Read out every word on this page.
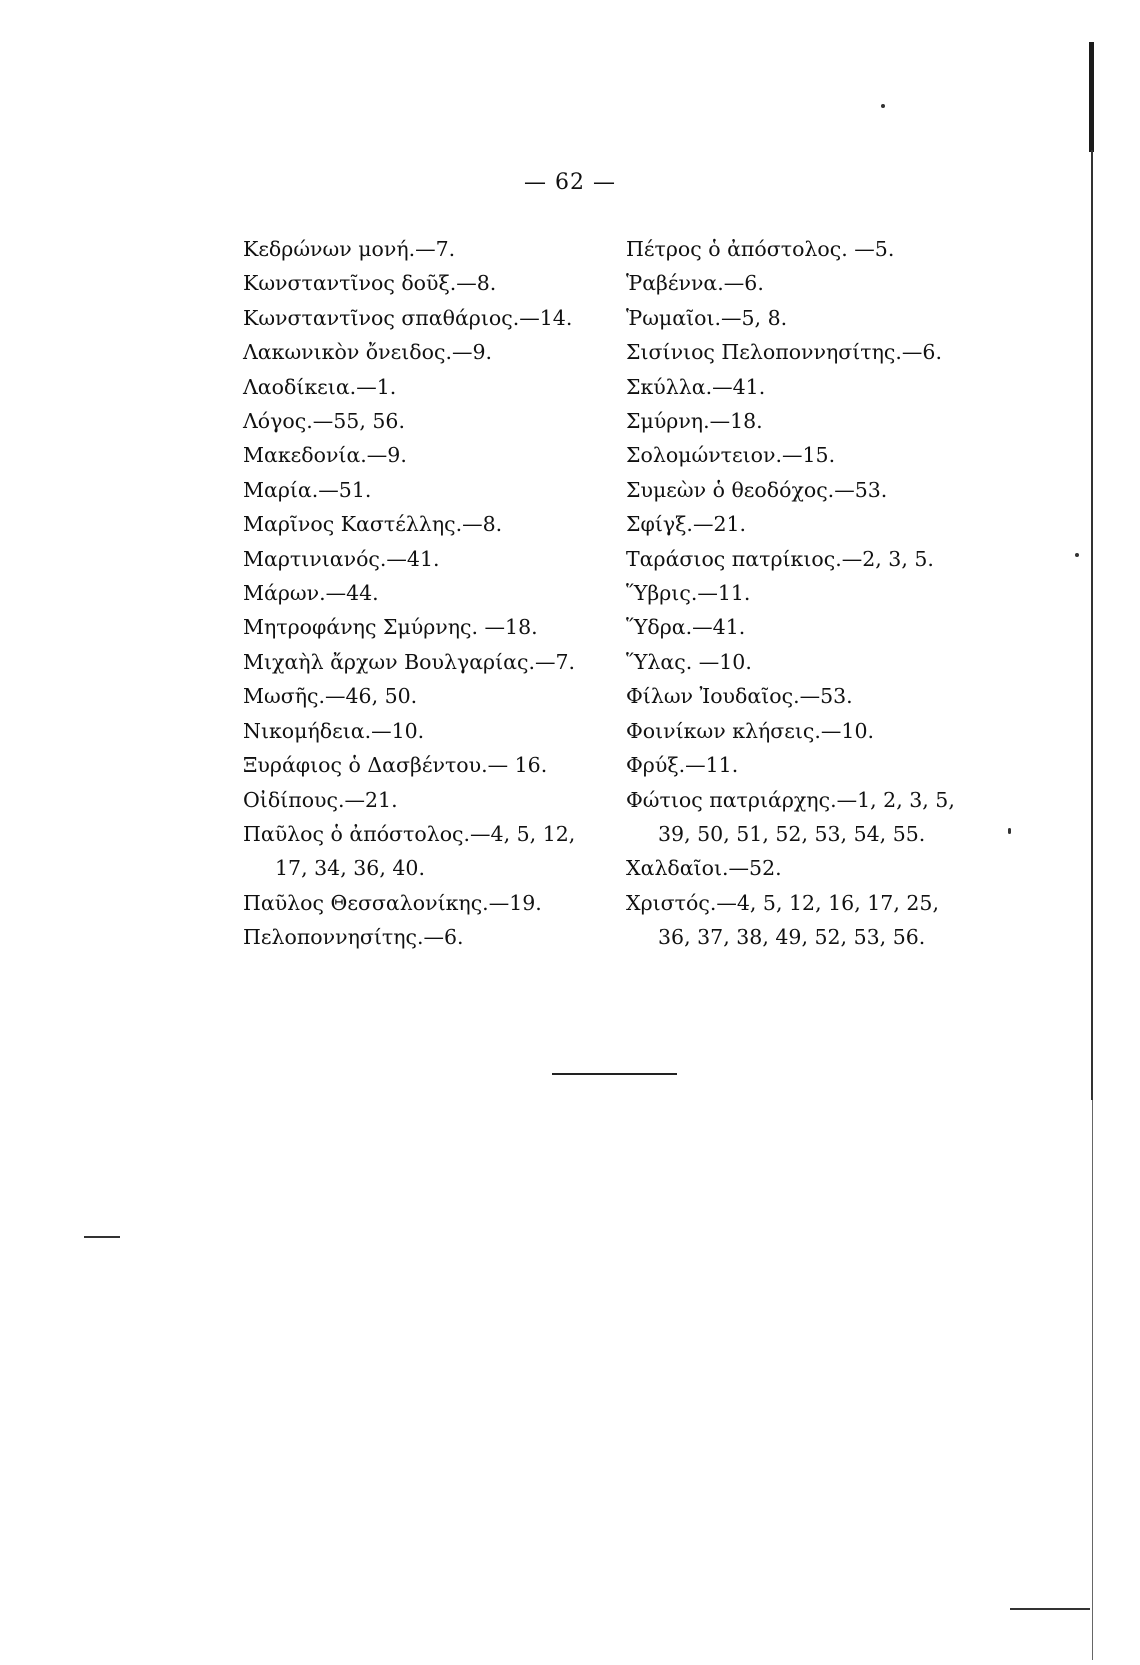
— 62 —
Κεδρώνων μονή.—7.
Κωνσταντῖνος δοῦξ.—8.
Κωνσταντῖνος σπαθάριος.—14.
Λακωνικὸν ὄνειδος.—9.
Λαοδίκεια.—1.
Λόγος.—55, 56.
Μακεδονία.—9.
Μαρία.—51.
Μαρῖνος Καστέλλης.—8.
Μαρτινιανός.—41.
Μάρων.—44.
Μητροφάνης Σμύρνης. —18.
Μιχαὴλ ἄρχων Βουλγαρίας.—7.
Μωσῆς.—46, 50.
Νικομήδεια.—10.
Ξυράφιος ὁ Δασβέντου.— 16.
Οἰδίπους.—21.
Παῦλος ὁ ἀπόστολος.—4, 5, 12,
17, 34, 36, 40.
Παῦλος Θεσσαλονίκης.—19.
Πελοποννησίτης.—6.
Πέτρος ὁ ἀπόστολος. —5.
Ῥαβέννα.—6.
Ῥωμαῖοι.—5, 8.
Σισίνιος Πελοποννησίτης.—6.
Σκύλλα.—41.
Σμύρνη.—18.
Σολομώντειον.—15.
Συμεὼν ὁ θεοδόχος.—53.
Σφίγξ.—21.
Ταράσιος πατρίκιος.—2, 3, 5.
Ὕβρις.—11.
Ὕδρα.—41.
Ὕλας. —10.
Φίλων Ἰουδαῖος.—53.
Φοινίκων κλήσεις.—10.
Φρύξ.—11.
Φώτιος πατριάρχης.—1, 2, 3, 5,
39, 50, 51, 52, 53, 54, 55.
Χαλδαῖοι.—52.
Χριστός.—4, 5, 12, 16, 17, 25,
36, 37, 38, 49, 52, 53, 56.
